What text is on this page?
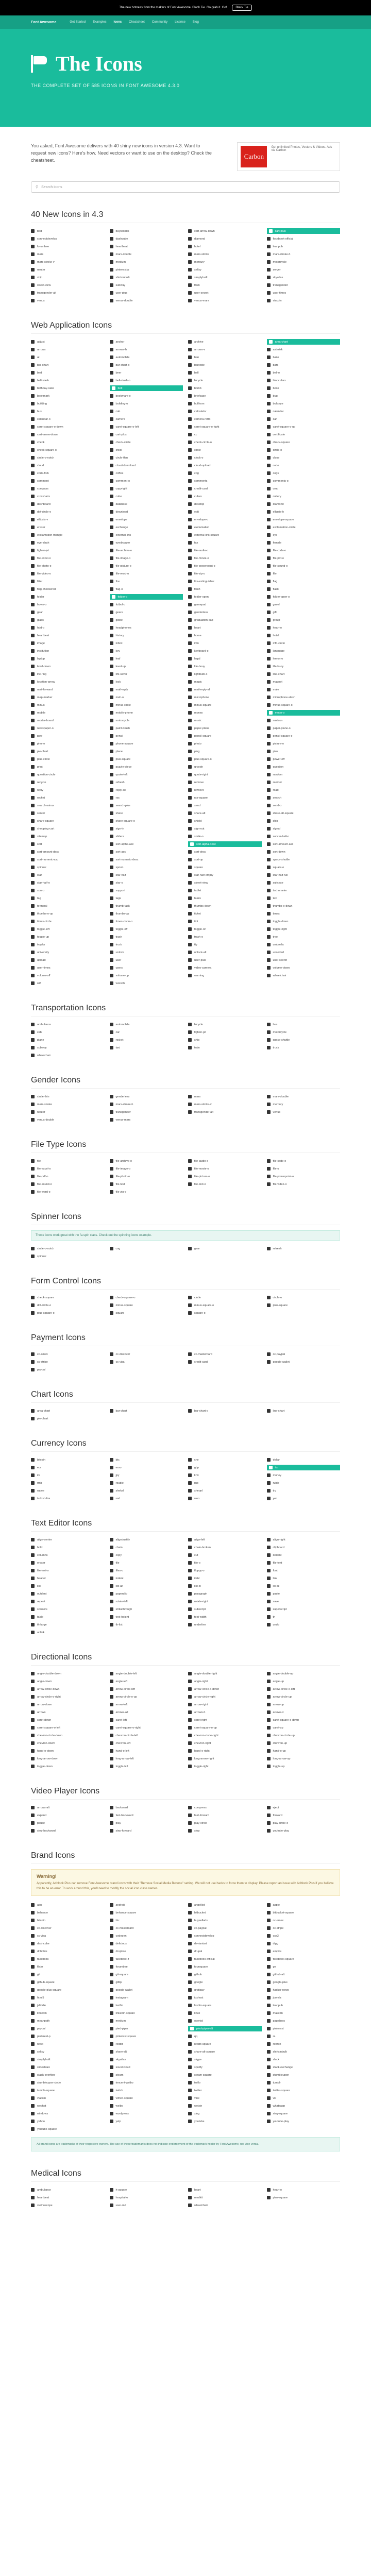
The new hotness from the makers of Font Awesome. Black Tie. Go grab it. Go!	Black Tie
Font Awesome	Get Started Examples Icons Cheatsheet Community License Blog
The Icons
THE COMPLETE SET OF 585 ICONS IN FONT AWESOME 4.3.0
You asked, Font Awesome delivers with 40 shiny new icons in version 4.3. Want to request new icons? Here's how. Need vectors or want to use on the desktop? Check the cheatsheet.	Carbon
Get unlimited Photos, Vectors & Videos. Ads via Carbon
⚲ Search icons
40 New Icons in 4.3
bed	buysellads	cart-arrow-down	cart-plus
connectdevelop	dashcube	diamond	facebook-official
forumbee	heartbeat	hotel	leanpub
mars	mars-double	mars-stroke	mars-stroke-h
mars-stroke-v	medium	mercury	motorcycle
neuter	pinterest-p	sellsy	server
ship	shirtsinbulk	simplybuilt	skyatlas
street-view	subway	train	transgender
transgender-alt	user-plus	user-secret	user-times
venus	venus-double	venus-mars	viacoin
Web Application Icons
adjust	anchor	archive	area-chart
arrows	arrows-h	arrows-v	asterisk
at	automobile	ban	bank
bar-chart	bar-chart-o	barcode	bars
bed	beer	bell	bell-o
bell-slash	bell-slash-o	bicycle	binoculars
birthday-cake	bolt	bomb	book
bookmark	bookmark-o	briefcase	bug
building	building-o	bullhorn	bullseye
bus	cab	calculator	calendar
calendar-o	camera	camera-retro	car
caret-square-o-down	caret-square-o-left	caret-square-o-right	caret-square-o-up
cart-arrow-down	cart-plus	cc	certificate
check	check-circle	check-circle-o	check-square
check-square-o	child	circle	circle-o
circle-o-notch	circle-thin	clock-o	close
cloud	cloud-download	cloud-upload	code
code-fork	coffee	cog	cogs
comment	comment-o	comments	comments-o
compass	copyright	credit-card	crop
crosshairs	cube	cubes	cutlery
dashboard	database	desktop	diamond
dot-circle-o	download	edit	ellipsis-h
ellipsis-v	envelope	envelope-o	envelope-square
eraser	exchange	exclamation	exclamation-circle
exclamation-triangle	external-link	external-link-square	eye
eye-slash	eyedropper	fax	female
fighter-jet	file-archive-o	file-audio-o	file-code-o
file-excel-o	file-image-o	file-movie-o	file-pdf-o
file-photo-o	file-picture-o	file-powerpoint-o	file-sound-o
file-video-o	file-word-o	file-zip-o	film
filter	fire	fire-extinguisher	flag
flag-checkered	flag-o	flash	flask
folder	folder-o	folder-open	folder-open-o
frown-o	futbol-o	gamepad	gavel
gear	gears	genderless	gift
glass	globe	graduation-cap	group
hdd-o	headphones	heart	heart-o
heartbeat	history	home	hotel
image	inbox	info	info-circle
institution	key	keyboard-o	language
laptop	leaf	legal	lemon-o
level-down	level-up	life-bouy	life-buoy
life-ring	life-saver	lightbulb-o	line-chart
location-arrow	lock	magic	magnet
mail-forward	mail-reply	mail-reply-all	male
map-marker	meh-o	microphone	microphone-slash
minus	minus-circle	minus-square	minus-square-o
mobile	mobile-phone	money	moon-o
mortar-board	motorcycle	music	navicon
newspaper-o	paint-brush	paper-plane	paper-plane-o
paw	pencil	pencil-square	pencil-square-o
phone	phone-square	photo	picture-o
pie-chart	plane	plug	plus
plus-circle	plus-square	plus-square-o	power-off
print	puzzle-piece	qrcode	question
question-circle	quote-left	quote-right	random
recycle	refresh	remove	reorder
reply	reply-all	retweet	road
rocket	rss	rss-square	search
search-minus	search-plus	send	send-o
server	share	share-alt	share-alt-square
share-square	share-square-o	shield	ship
shopping-cart	sign-in	sign-out	signal
sitemap	sliders	smile-o	soccer-ball-o
sort	sort-alpha-asc	sort-alpha-desc	sort-amount-asc
sort-amount-desc	sort-asc	sort-desc	sort-down
sort-numeric-asc	sort-numeric-desc	sort-up	space-shuttle
spinner	spoon	square	square-o
star	star-half	star-half-empty	star-half-full
star-half-o	star-o	street-view	suitcase
sun-o	support	tablet	tachometer
tag	tags	tasks	taxi
terminal	thumb-tack	thumbs-down	thumbs-o-down
thumbs-o-up	thumbs-up	ticket	times
times-circle	times-circle-o	tint	toggle-down
toggle-left	toggle-off	toggle-on	toggle-right
toggle-up	trash	trash-o	tree
trophy	truck	tty	umbrella
university	unlock	unlock-alt	unsorted
upload	user	user-plus	user-secret
user-times	users	video-camera	volume-down
volume-off	volume-up	warning	wheelchair
wifi	wrench
Transportation Icons
ambulance	automobile	bicycle	bus
cab	car	fighter-jet	motorcycle
plane	rocket	ship	space-shuttle
subway	taxi	train	truck
wheelchair
Gender Icons
circle-thin	genderless	mars	mars-double
mars-stroke	mars-stroke-h	mars-stroke-v	mercury
neuter	transgender	transgender-alt	venus
venus-double	venus-mars
File Type Icons
file	file-archive-o	file-audio-o	file-code-o
file-excel-o	file-image-o	file-movie-o	file-o
file-pdf-o	file-photo-o	file-picture-o	file-powerpoint-o
file-sound-o	file-text	file-text-o	file-video-o
file-word-o	file-zip-o
Spinner Icons
These icons work great with the fa-spin class. Check out the spinning icons example.
circle-o-notch	cog	gear	refresh
spinner
Form Control Icons
check-square	check-square-o	circle	circle-o
dot-circle-o	minus-square	minus-square-o	plus-square
plus-square-o	square	square-o
Payment Icons
cc-amex	cc-discover	cc-mastercard	cc-paypal
cc-stripe	cc-visa	credit-card	google-wallet
paypal
Chart Icons
area-chart	bar-chart	bar-chart-o	line-chart
pie-chart
Currency Icons
bitcoin	btc	cny	dollar
eur	euro	gbp	ils
inr	jpy	krw	money
rmb	rouble	rub	ruble
rupee	shekel	sheqel	try
turkish-lira	usd	won	yen
Text Editor Icons
align-center	align-justify	align-left	align-right
bold	chain	chain-broken	clipboard
columns	copy	cut	dedent
eraser	file	file-o	file-text
file-text-o	files-o	floppy-o	font
header	indent	italic	link
list	list-alt	list-ol	list-ul
outdent	paperclip	paragraph	paste
repeat	rotate-left	rotate-right	save
scissors	strikethrough	subscript	superscript
table	text-height	text-width	th
th-large	th-list	underline	undo
unlink
Directional Icons
angle-double-down	angle-double-left	angle-double-right	angle-double-up
angle-down	angle-left	angle-right	angle-up
arrow-circle-down	arrow-circle-left	arrow-circle-o-down	arrow-circle-o-left
arrow-circle-o-right	arrow-circle-o-up	arrow-circle-right	arrow-circle-up
arrow-down	arrow-left	arrow-right	arrow-up
arrows	arrows-alt	arrows-h	arrows-v
caret-down	caret-left	caret-right	caret-square-o-down
caret-square-o-left	caret-square-o-right	caret-square-o-up	caret-up
chevron-circle-down	chevron-circle-left	chevron-circle-right	chevron-circle-up
chevron-down	chevron-left	chevron-right	chevron-up
hand-o-down	hand-o-left	hand-o-right	hand-o-up
long-arrow-down	long-arrow-left	long-arrow-right	long-arrow-up
toggle-down	toggle-left	toggle-right	toggle-up
Video Player Icons
arrows-alt	backward	compress	eject
expand	fast-backward	fast-forward	forward
pause	play	play-circle	play-circle-o
step-backward	step-forward	stop	youtube-play
Brand Icons
Warning!
Apparently, Adblock Plus can remove Font Awesome brand icons with their "Remove Social Media Buttons" setting. We will not use hacks to force them to display. Please report an issue with Adblock Plus if you believe this to be an error. To work around this, you'll need to modify the social icon class names.
adn	android	angellist	apple
behance	behance-square	bitbucket	bitbucket-square
bitcoin	btc	buysellads	cc-amex
cc-discover	cc-mastercard	cc-paypal	cc-stripe
cc-visa	codepen	connectdevelop	css3
dashcube	delicious	deviantart	digg
dribbble	dropbox	drupal	empire
facebook	facebook-f	facebook-official	facebook-square
flickr	forumbee	foursquare	ge
git	git-square	github	github-alt
github-square	gittip	google	google-plus
google-plus-square	google-wallet	gratipay	hacker-news
html5	instagram	ioxhost	joomla
jsfiddle	lastfm	lastfm-square	leanpub
linkedin	linkedin-square	linux	maxcdn
meanpath	medium	openid	pagelines
paypal	pied-piper	pied-piper-alt	pinterest
pinterest-p	pinterest-square	qq	ra
rebel	reddit	reddit-square	renren
sellsy	share-alt	share-alt-square	shirtsinbulk
simplybuilt	skyatlas	skype	slack
slideshare	soundcloud	spotify	stack-exchange
stack-overflow	steam	steam-square	stumbleupon
stumbleupon-circle	tencent-weibo	trello	tumblr
tumblr-square	twitch	twitter	twitter-square
viacoin	vimeo-square	vine	vk
wechat	weibo	weixin	whatsapp
windows	wordpress	xing	xing-square
yahoo	yelp	youtube	youtube-play
youtube-square
All brand icons are trademarks of their respective owners. The use of these trademarks does not indicate endorsement of the trademark holder by Font Awesome, nor vice versa.
Medical Icons
ambulance	h-square	heart	heart-o
heartbeat	hospital-o	medkit	plus-square
stethoscope	user-md	wheelchair
